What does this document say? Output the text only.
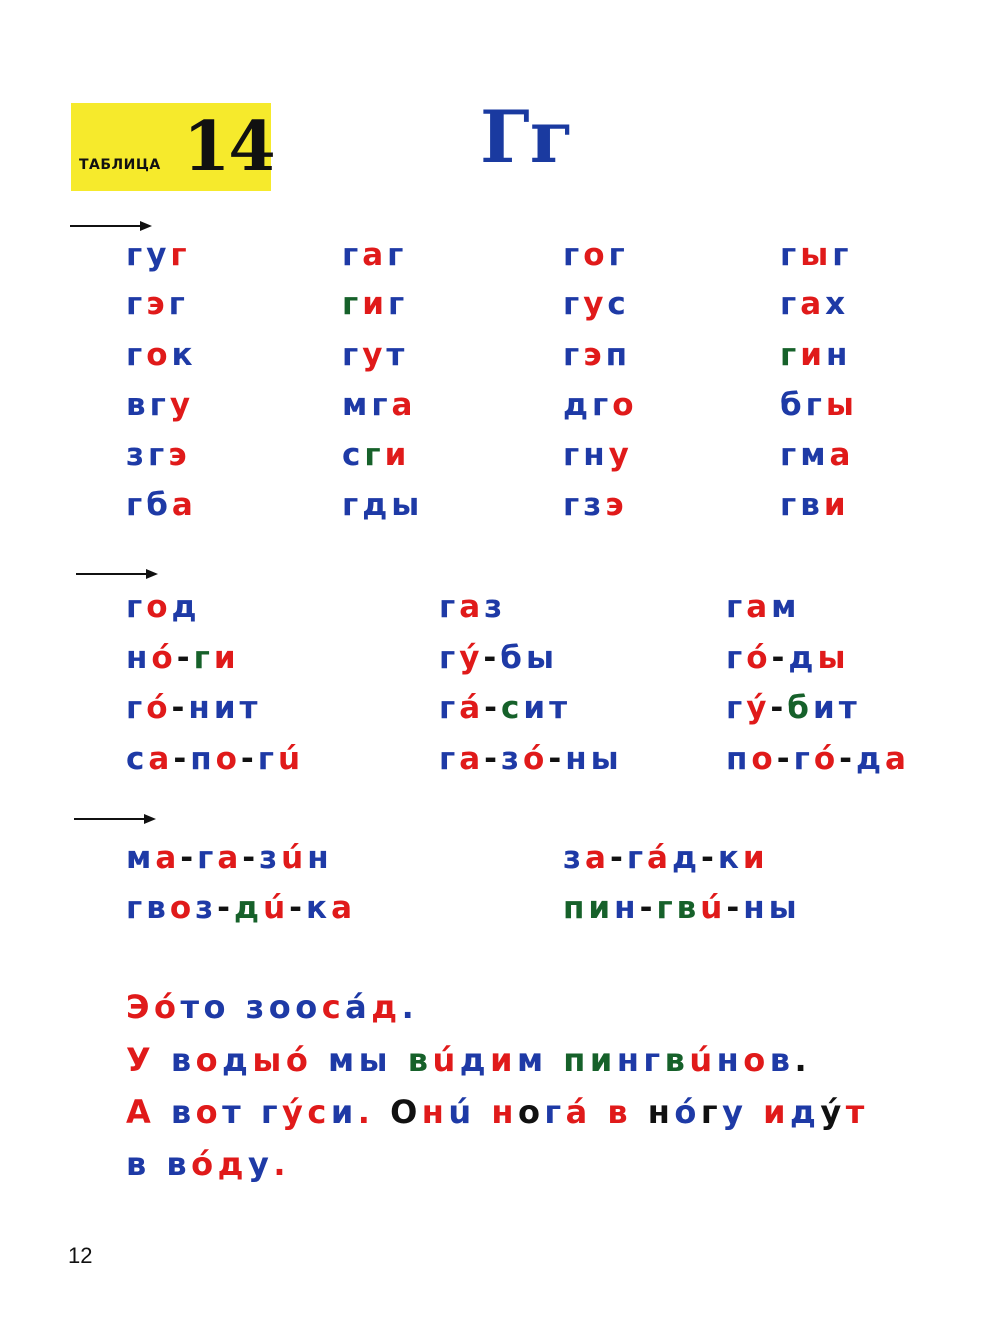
ТАБЛИЦА 14	Гг
гуг	гаг	гог	гыг
гэг	гиг	гус	гах
гок	гут	гэп	гин
вгу	мга	дго	бгы
згэ	сги	гну	гма
гба	гды	гзэ	гви
год	газ	гам
нó-ги	гý-бы	гó-ды
гó-нит	гá-сит	гý-бит
са-по-гú	га-зó-ны	по-гó-да
ма-га-зúн	за-гáд-ки
гвоз-дú-ка	пин-гвú-ны
Эóто зоосáд.
У водыó мы вúдим пингвúнов.
А вот гýси. Онú ногá в нóгу идýт
в вóду.
12
